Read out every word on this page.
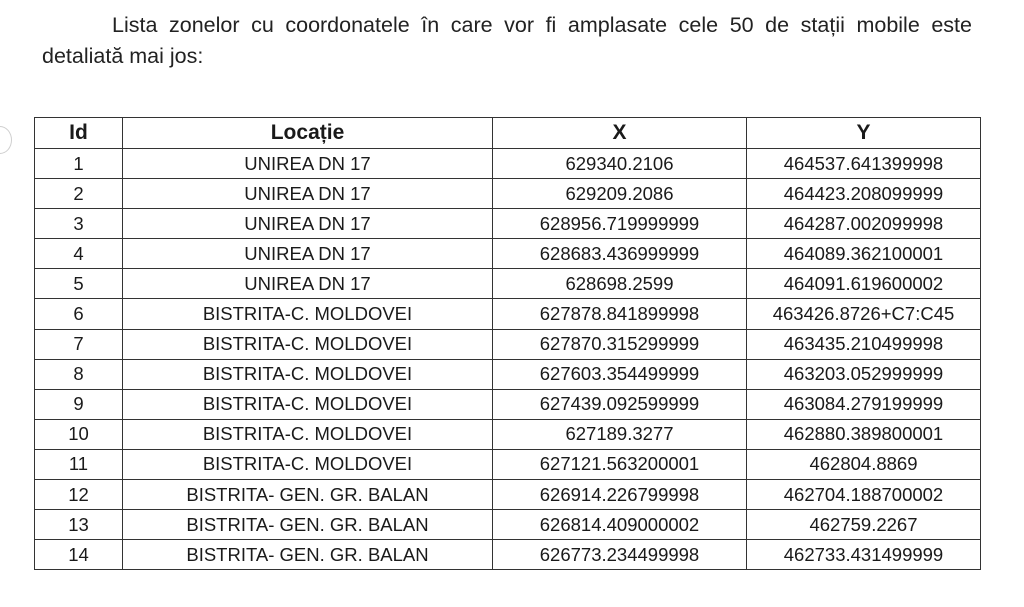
Lista zonelor cu coordonatele în care vor fi amplasate cele 50 de stații mobile este detaliată mai jos:

Id	Locație	X	Y
1	UNIREA DN 17	629340.2106	464537.641399998
2	UNIREA DN 17	629209.2086	464423.208099999
3	UNIREA DN 17	628956.719999999	464287.002099998
4	UNIREA DN 17	628683.436999999	464089.362100001
5	UNIREA DN 17	628698.2599	464091.619600002
6	BISTRITA-C. MOLDOVEI	627878.841899998	463426.8726+C7:C45
7	BISTRITA-C. MOLDOVEI	627870.315299999	463435.210499998
8	BISTRITA-C. MOLDOVEI	627603.354499999	463203.052999999
9	BISTRITA-C. MOLDOVEI	627439.092599999	463084.279199999
10	BISTRITA-C. MOLDOVEI	627189.3277	462880.389800001
11	BISTRITA-C. MOLDOVEI	627121.563200001	462804.8869
12	BISTRITA- GEN. GR. BALAN	626914.226799998	462704.188700002
13	BISTRITA- GEN. GR. BALAN	626814.409000002	462759.2267
14	BISTRITA- GEN. GR. BALAN	626773.234499998	462733.431499999
